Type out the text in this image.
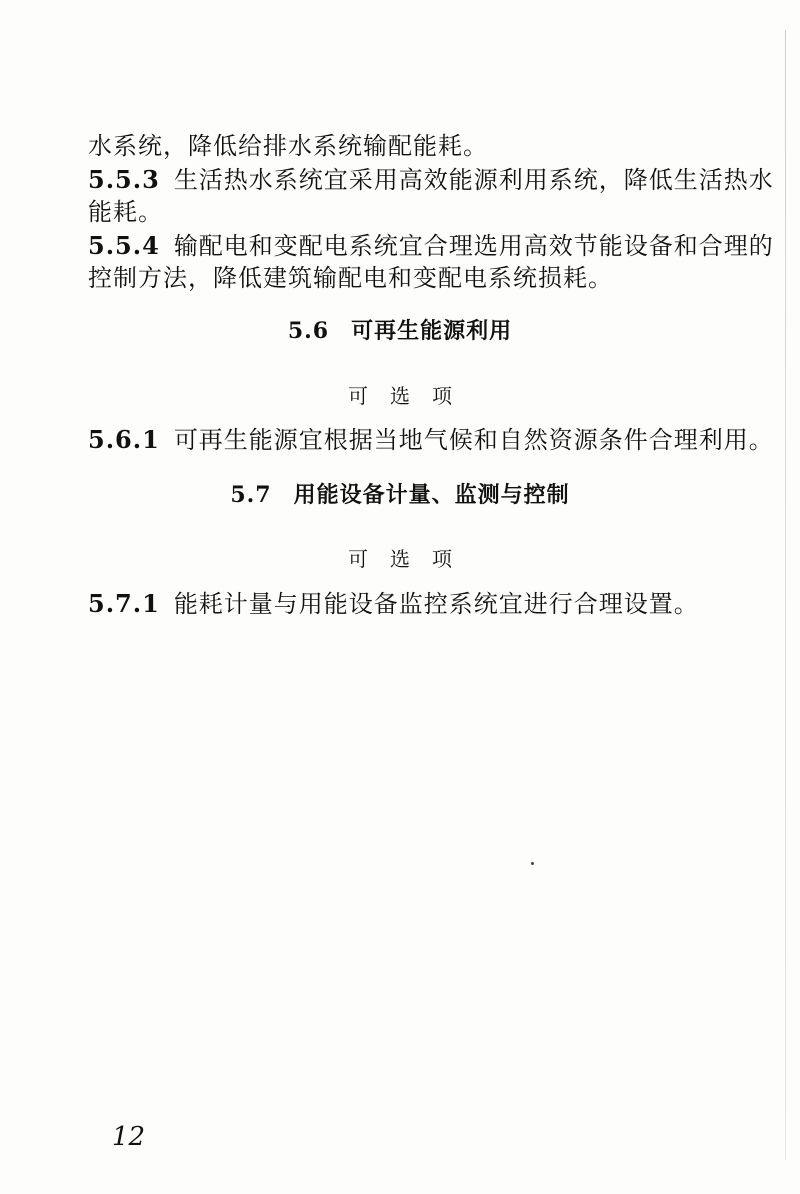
水系统，降低给排水系统输配能耗。
5.5.3 生活热水系统宜采用高效能源利用系统，降低生活热水
能耗。
5.5.4 输配电和变配电系统宜合理选用高效节能设备和合理的
控制方法，降低建筑输配电和变配电系统损耗。
5.6 可再生能源利用
可选项
5.6.1 可再生能源宜根据当地气候和自然资源条件合理利用。
5.7 用能设备计量、监测与控制
可选项
5.7.1 能耗计量与用能设备监控系统宜进行合理设置。
12
